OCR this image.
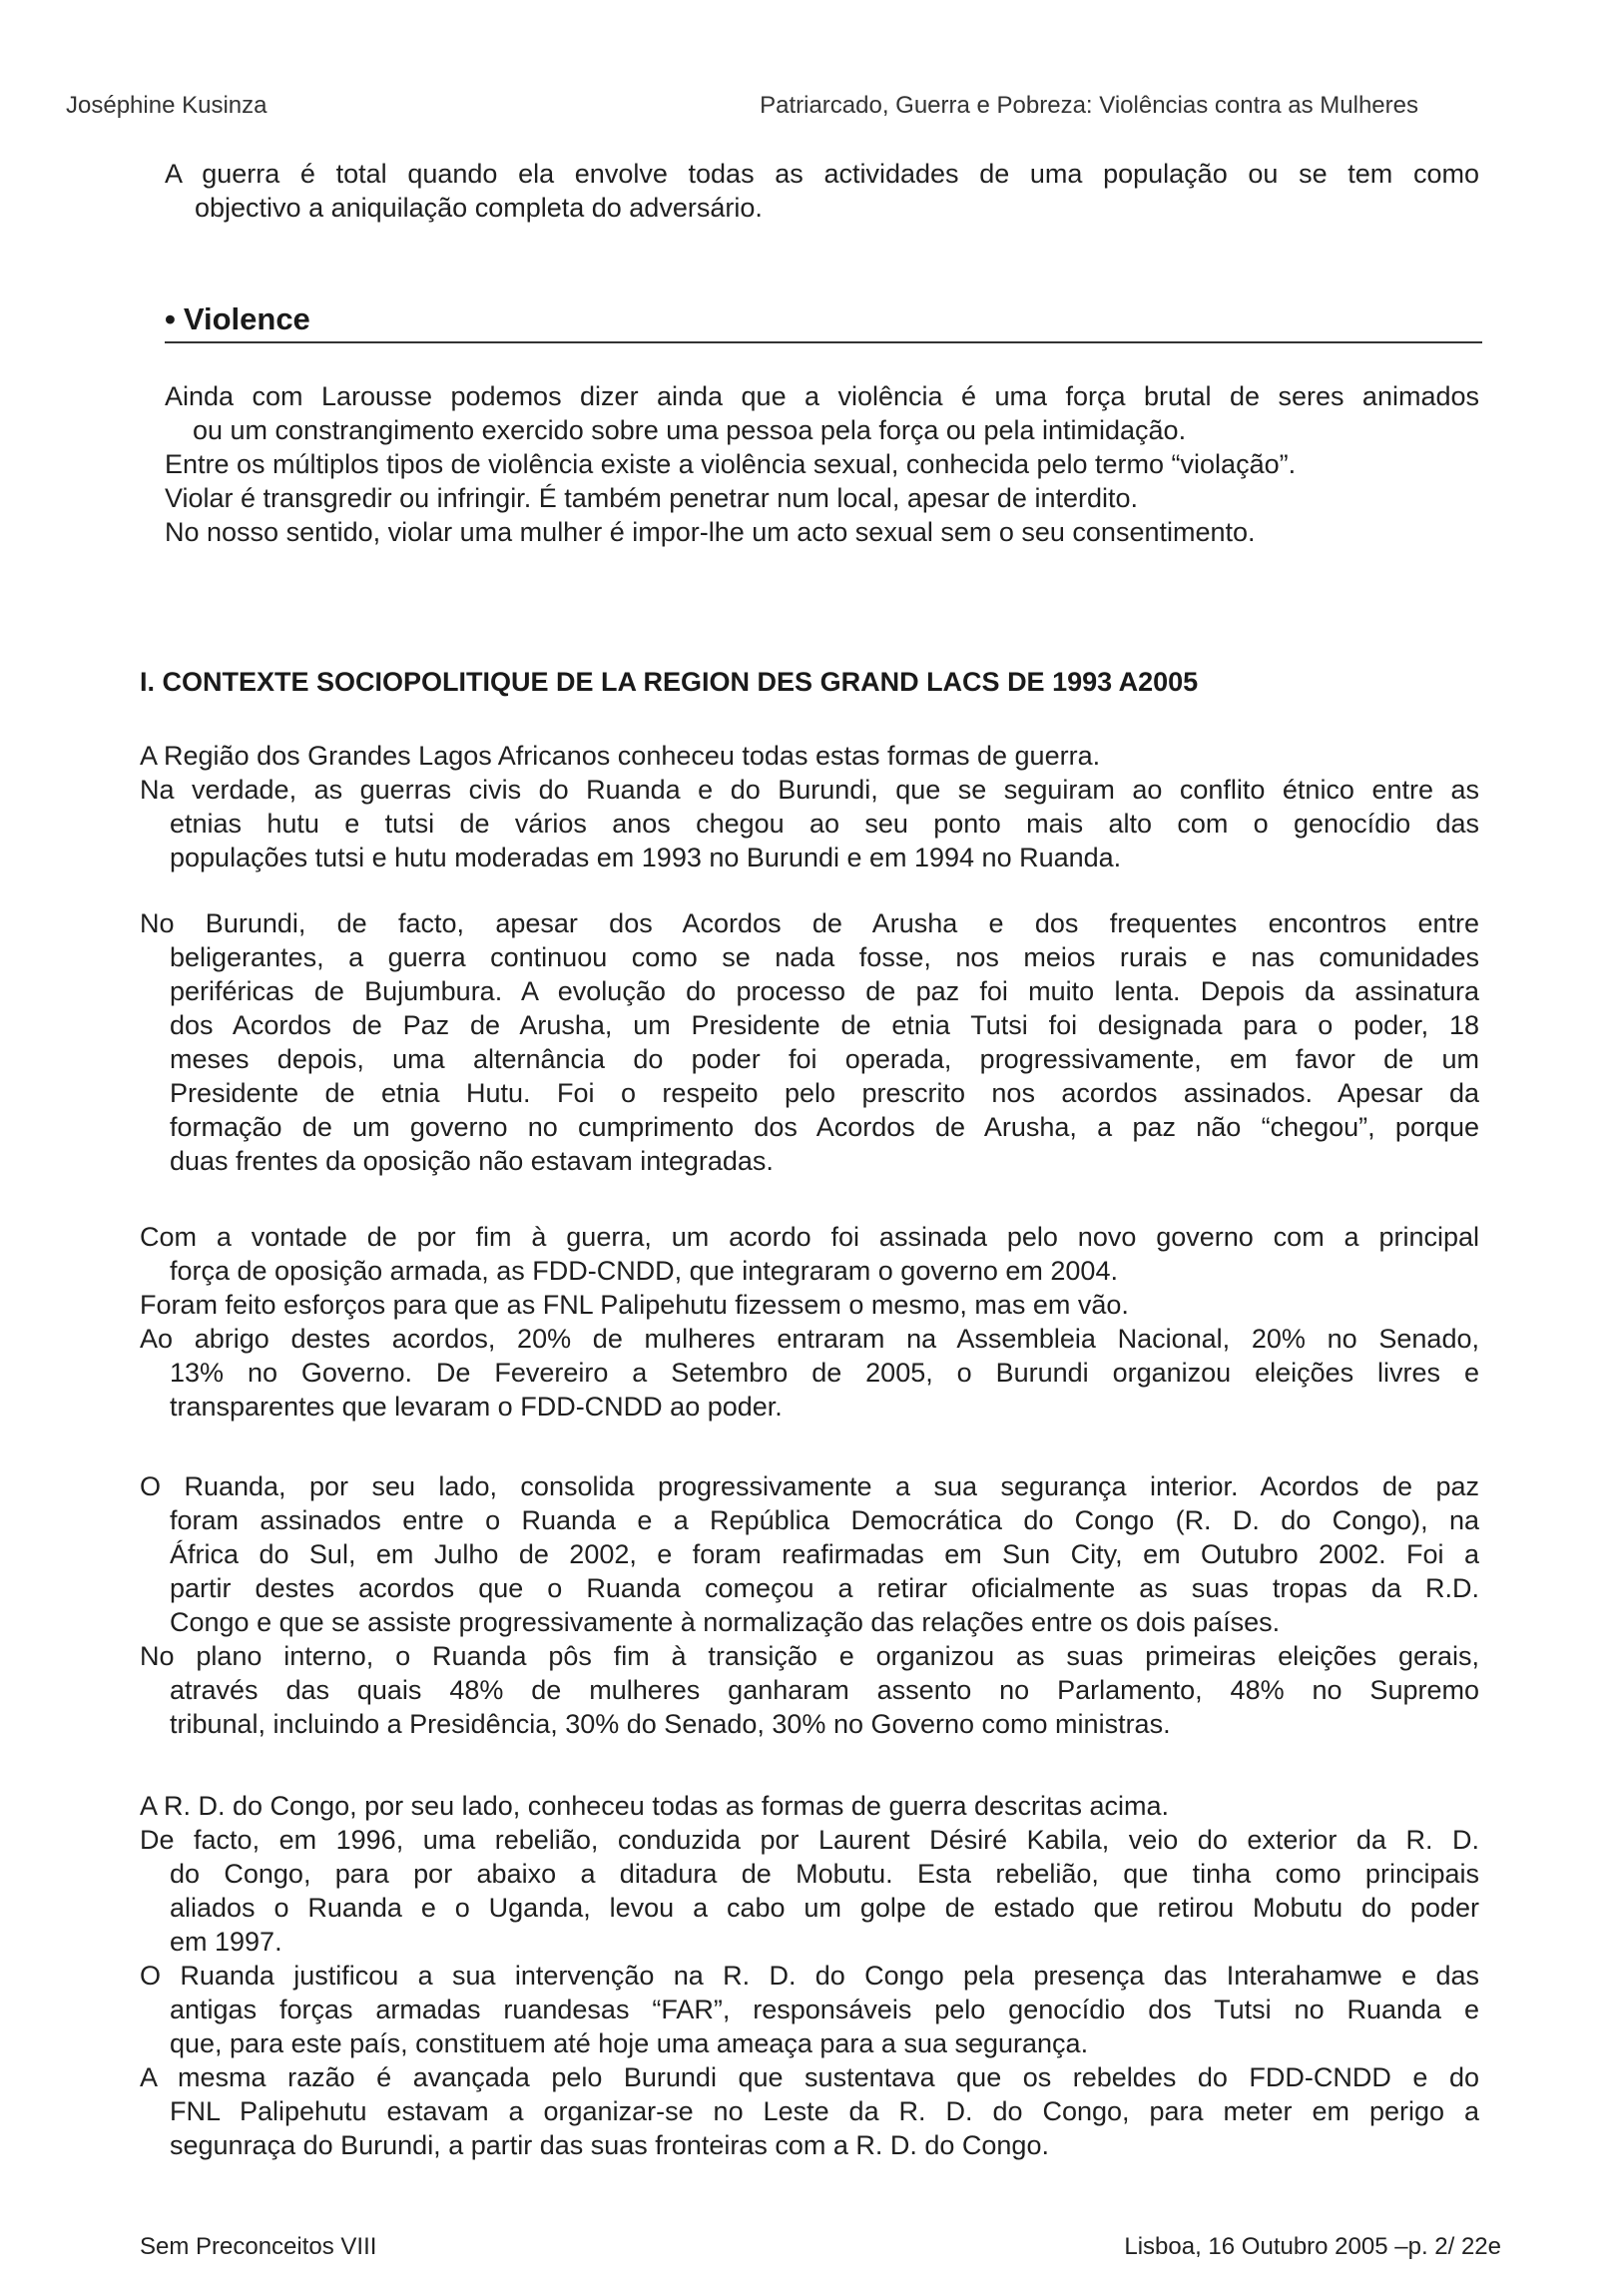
Joséphine Kusinza	Patriarcado, Guerra e Pobreza: Violências contra as Mulheres
A guerra é total quando ela envolve todas as actividades de uma população ou se tem como
objectivo a aniquilação completa do adversário.
• Violence
Ainda com Larousse podemos dizer ainda que a violência é uma força brutal de seres animados
ou um constrangimento exercido sobre uma pessoa pela força ou pela intimidação.
Entre os múltiplos tipos de violência existe a violência sexual, conhecida pelo termo “violação”.
Violar é transgredir ou infringir. É também penetrar num local, apesar de interdito.
No nosso sentido, violar uma mulher é impor-lhe um acto sexual sem o seu consentimento.
I. CONTEXTE SOCIOPOLITIQUE DE LA REGION DES GRAND LACS DE 1993 A2005
A Região dos Grandes Lagos Africanos conheceu todas estas formas de guerra.
Na verdade, as guerras civis do Ruanda e do Burundi, que se seguiram ao conflito étnico entre as
etnias hutu e tutsi de vários anos chegou ao seu ponto mais alto com o genocídio das
populações tutsi e hutu moderadas em 1993 no Burundi e em 1994 no Ruanda.
No Burundi, de facto, apesar dos Acordos de Arusha e dos frequentes encontros entre
beligerantes, a guerra continuou como se nada fosse, nos meios rurais e nas comunidades
periféricas de Bujumbura. A evolução do processo de paz foi muito lenta. Depois da assinatura
dos Acordos de Paz de Arusha, um Presidente de etnia Tutsi foi designada para o poder, 18
meses depois, uma alternância do poder foi operada, progressivamente, em favor de um
Presidente de etnia Hutu. Foi o respeito pelo prescrito nos acordos assinados. Apesar da
formação de um governo no cumprimento dos Acordos de Arusha, a paz não “chegou”, porque
duas frentes da oposição não estavam integradas.
Com a vontade de por fim à guerra, um acordo foi assinada pelo novo governo com a principal
força de oposição armada, as FDD-CNDD, que integraram o governo em 2004.
Foram feito esforços para que as FNL Palipehutu fizessem o mesmo, mas em vão.
Ao abrigo destes acordos, 20% de mulheres entraram na Assembleia Nacional, 20% no Senado,
13% no Governo. De Fevereiro a Setembro de 2005, o Burundi organizou eleições livres e
transparentes que levaram o FDD-CNDD ao poder.
O Ruanda, por seu lado, consolida progressivamente a sua segurança interior. Acordos de paz
foram assinados entre o Ruanda e a República Democrática do Congo (R. D. do Congo), na
África do Sul, em Julho de 2002, e foram reafirmadas em Sun City, em Outubro 2002. Foi a
partir destes acordos que o Ruanda começou a retirar oficialmente as suas tropas da R.D.
Congo e que se assiste progressivamente à normalização das relações entre os dois países.
No plano interno, o Ruanda pôs fim à transição e organizou as suas primeiras eleições gerais,
através das quais 48% de mulheres ganharam assento no Parlamento, 48% no Supremo
tribunal, incluindo a Presidência, 30% do Senado, 30% no Governo como ministras.
A R. D. do Congo, por seu lado, conheceu todas as formas de guerra descritas acima.
De facto, em 1996, uma rebelião, conduzida por Laurent Désiré Kabila, veio do exterior da R. D.
do Congo, para por abaixo a ditadura de Mobutu. Esta rebelião, que tinha como principais
aliados o Ruanda e o Uganda, levou a cabo um golpe de estado que retirou Mobutu do poder
em 1997.
O Ruanda justificou a sua intervenção na R. D. do Congo pela presença das Interahamwe e das
antigas forças armadas ruandesas “FAR”, responsáveis pelo genocídio dos Tutsi no Ruanda e
que, para este país, constituem até hoje uma ameaça para a sua segurança.
A mesma razão é avançada pelo Burundi que sustentava que os rebeldes do FDD-CNDD e do
FNL Palipehutu estavam a organizar-se no Leste da R. D. do Congo, para meter em perigo a
segunraça do Burundi, a partir das suas fronteiras com a R. D. do Congo.
Sem Preconceitos VIII	Lisboa, 16 Outubro 2005 –p. 2/ 22e
